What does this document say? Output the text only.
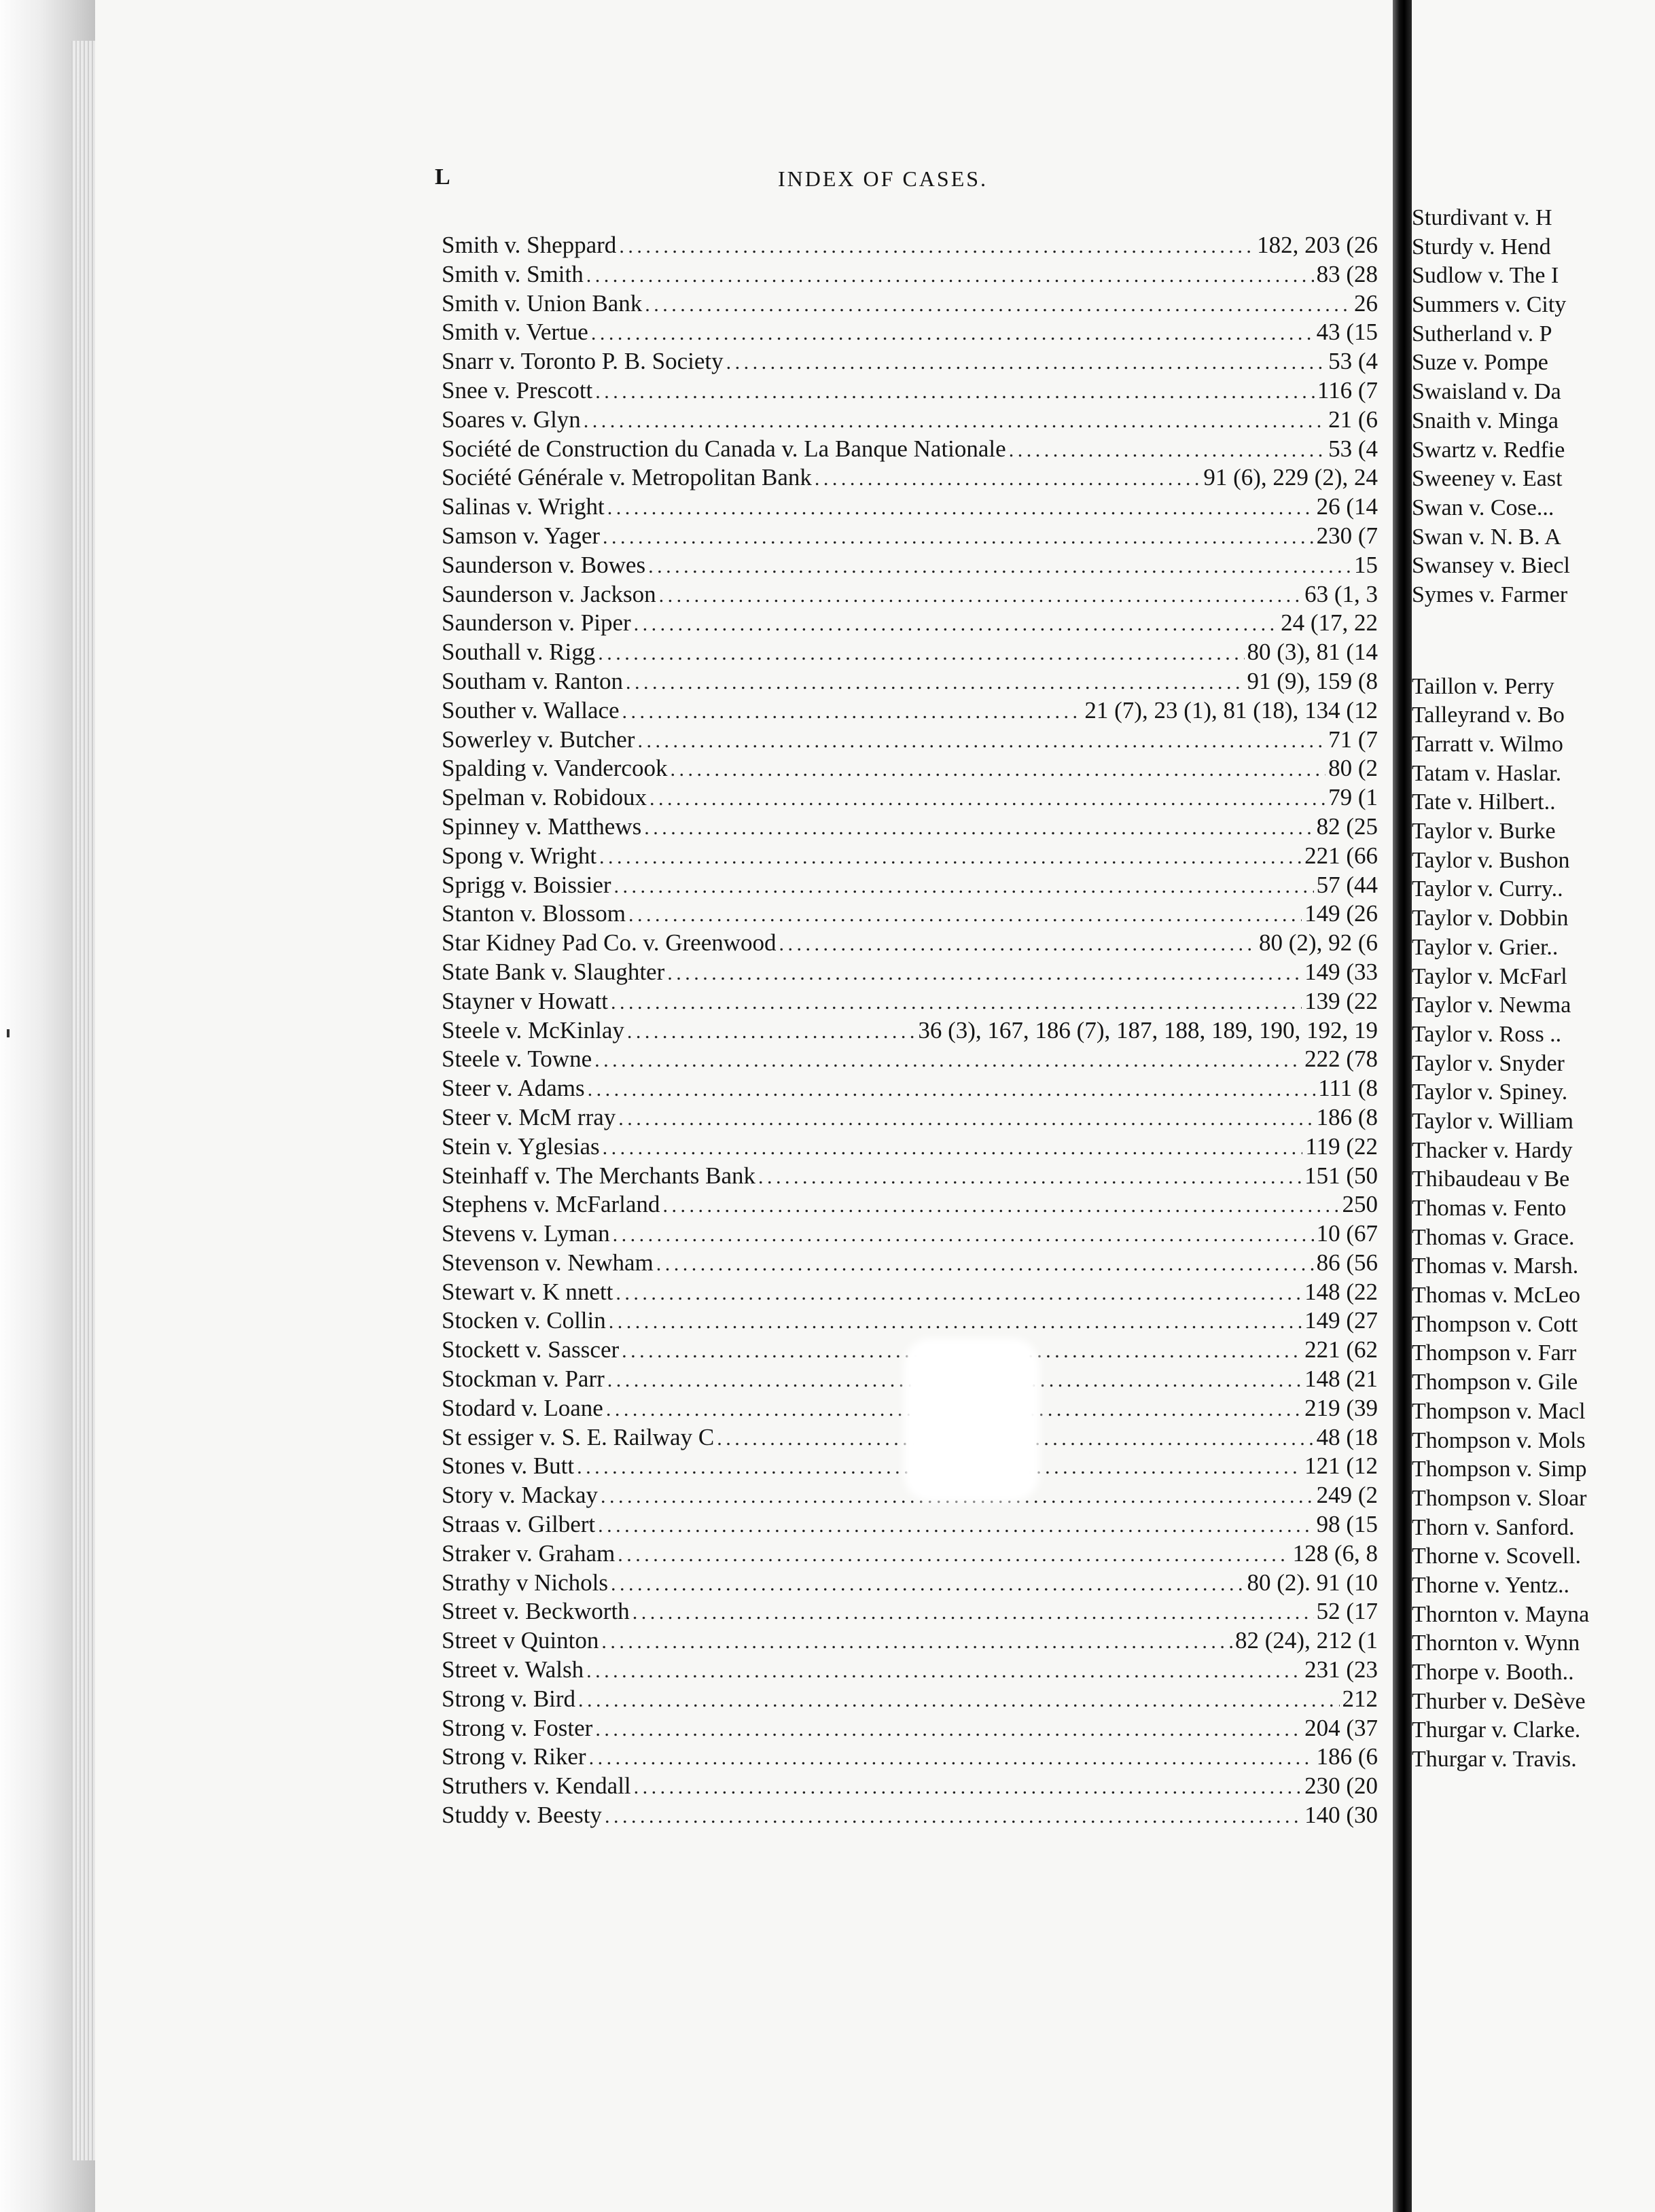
L	INDEX OF CASES.
Smith v. Sheppard . . .	182, 203 (26
Smith v. Smith . . .	83 (28
Smith v. Union Bank . . .	26
Smith v. Vertue . . .	43 (15
Snarr v. Toronto P. B. Society . . .	53 (4
Snee v. Prescott . . .	116 (7
Soares v. Glyn . . .	21 (6
Société de Construction du Canada v. La Banque Nationale . . .	53 (4
Société Générale v. Metropolitan Bank . . .	91 (6), 229 (2), 24
Salinas v. Wright . . .	26 (14
Samson v. Yager . . .	230 (7
Saunderson v. Bowes . . .	15
Saunderson v. Jackson . . .	63 (1, 3
Saunderson v. Piper . . .	24 (17, 22
Southall v. Rigg . . .	80 (3), 81 (14
Southam v. Ranton . . .	91 (9), 159 (8
Souther v. Wallace . . .	21 (7), 23 (1), 81 (18), 134 (12
Sowerley v. Butcher . . .	71 (7
Spalding v. Vandercook . . .	80 (2
Spelman v. Robidoux . . .	79 (1
Spinney v. Matthews . . .	82 (25
Spong v. Wright . . .	221 (66
Sprigg v. Boissier . . .	57 (44
Stanton v. Blossom . . .	149 (26
Star Kidney Pad Co. v. Greenwood . . .	80 (2), 92 (6
State Bank v. Slaughter . . .	149 (33
Stayner v Howatt . . .	139 (22
Steele v. McKinlay . . .	36 (3), 167, 186 (7), 187, 188, 189, 190, 192, 19
Steele v. Towne . . .	222 (78
Steer v. Adams . . .	111 (8
Steer v. McM rray . . .	186 (8
Stein v. Yglesias . . .	119 (22
Steinhaff v. The Merchants Bank . . .	151 (50
Stephens v. McFarland . . .	250
Stevens v. Lyman . . .	10 (67
Stevenson v. Newham . . .	86 (56
Stewart v. K nnett . . .	148 (22
Stocken v. Collin . . .	149 (27
Stockett v. Sasscer . . .	221 (62
Stockman v. Parr . . .	148 (21
Stodard v. Loane . . .	219 (39
St essiger v. S. E. Railway C . . .	48 (18
Stones v. Butt . . .	121 (12
Story v. Mackay . . .	249 (2
Straas v. Gilbert . . .	98 (15
Straker v. Graham . . .	128 (6, 8
Strathy v Nichols . . .	80 (2). 91 (10
Street v. Beckworth . . .	52 (17
Street v Quinton . . .	82 (24), 212 (1
Street v. Walsh . . .	231 (23
Strong v. Bird . . .	212
Strong v. Foster . . .	204 (37
Strong v. Riker . . .	186 (6
Struthers v. Kendall . . .	230 (20
Studdy v. Beesty . . .	140 (30
Sturdivant v. H
Sturdy v. Hend
Sudlow v. The I
Summers v. City
Sutherland v. P
Suze v. Pompe
Swaisland v. Da
Snaith v. Minga
Swartz v. Redfie
Sweeney v. East
Swan v. Cose...
Swan v. N. B. A
Swansey v. Biecl
Symes v. Farmer
Taillon v. Perry
Talleyrand v. Bo
Tarratt v. Wilmo
Tatam v. Haslar.
Tate v. Hilbert..
Taylor v. Burke
Taylor v. Bushon
Taylor v. Curry..
Taylor v. Dobbin
Taylor v. Grier..
Taylor v. McFarl
Taylor v. Newma
Taylor v. Ross ..
Taylor v. Snyder
Taylor v. Spiney.
Taylor v. William
Thacker v. Hardy
Thibaudeau v Be
Thomas v. Fento
Thomas v. Grace.
Thomas v. Marsh.
Thomas v. McLeo
Thompson v. Cott
Thompson v. Farr
Thompson v. Gile
Thompson v. Macl
Thompson v. Mols
Thompson v. Simp
Thompson v. Sloar
Thorn v. Sanford.
Thorne v. Scovell.
Thorne v. Yentz..
Thornton v. Mayna
Thornton v. Wynn
Thorpe v. Booth..
Thurber v. DeSève
Thurgar v. Clarke.
Thurgar v. Travis.
